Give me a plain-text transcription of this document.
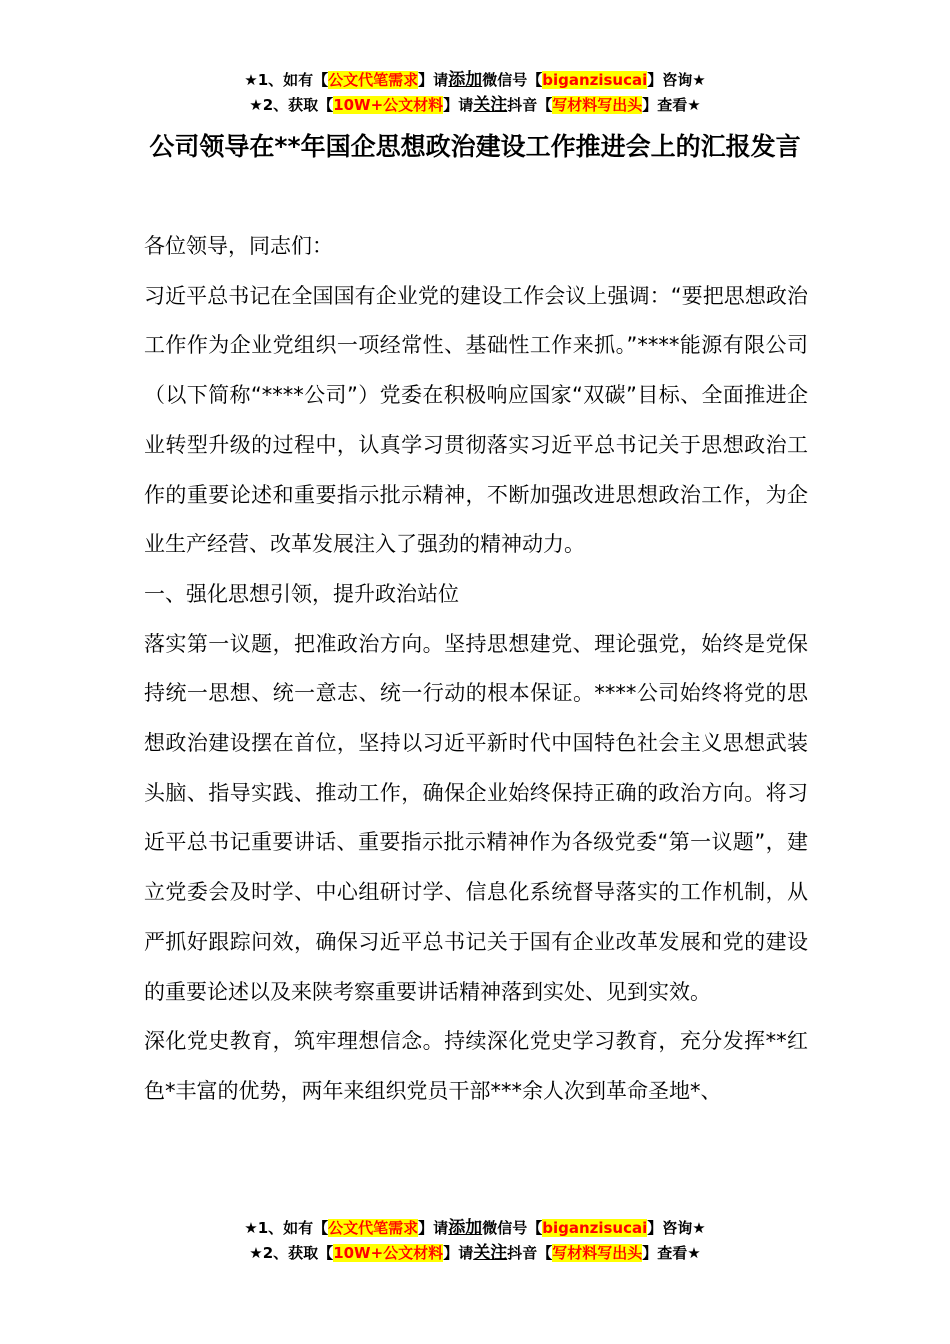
★1、如有【公文代笔需求】请添加微信号【biganzisucai】咨询★
★2、获取【10W+公文材料】请关注抖音【写材料写出头】查看★
公司领导在**年国企思想政治建设工作推进会上的汇报发言

各位领导，同志们：

习近平总书记在全国国有企业党的建设工作会议上强调：“要把思想政治工作作为企业党组织一项经常性、基础性工作来抓。”****能源有限公司（以下简称“****公司”）党委在积极响应国家“双碳”目标、全面推进企业转型升级的过程中，认真学习贯彻落实习近平总书记关于思想政治工作的重要论述和重要指示批示精神，不断加强改进思想政治工作，为企业生产经营、改革发展注入了强劲的精神动力。

一、强化思想引领，提升政治站位

落实第一议题，把准政治方向。坚持思想建党、理论强党，始终是党保持统一思想、统一意志、统一行动的根本保证。****公司始终将党的思想政治建设摆在首位，坚持以习近平新时代中国特色社会主义思想武装头脑、指导实践、推动工作，确保企业始终保持正确的政治方向。将习近平总书记重要讲话、重要指示批示精神作为各级党委“第一议题”，建立党委会及时学、中心组研讨学、信息化系统督导落实的工作机制，从严抓好跟踪问效，确保习近平总书记关于国有企业改革发展和党的建设的重要论述以及来陕考察重要讲话精神落到实处、见到实效。

深化党史教育，筑牢理想信念。持续深化党史学习教育，充分发挥**红色*丰富的优势，两年来组织党员干部***余人次到革命圣地*、

★1、如有【公文代笔需求】请添加微信号【biganzisucai】咨询★
★2、获取【10W+公文材料】请关注抖音【写材料写出头】查看★
